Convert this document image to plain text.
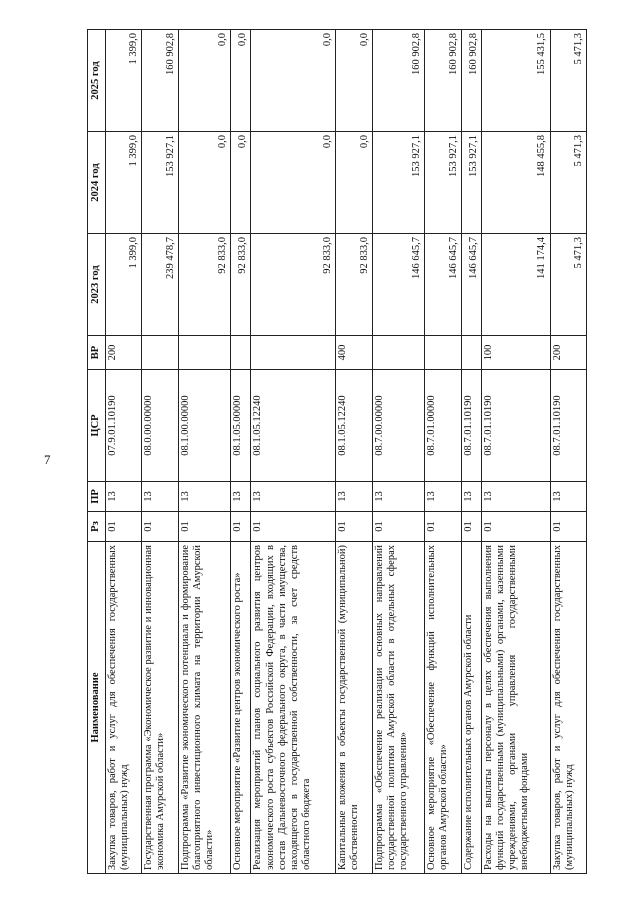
7
Наименование	Рз	ПР	ЦСР	ВР	2023 год	2024 год	2025 год
Закупка товаров, работ и услуг для обеспечения государственных (муниципальных) нужд	01	13	07.9.01.10190	200	1 399,0	1 399,0	1 399,0
Государственная программа «Экономическое развитие и инновационная экономика Амурской области»	01	13	08.0.00.00000		239 478,7	153 927,1	160 902,8
Подпрограмма «Развитие экономического потенциала и формирование благоприятного инвестиционного климата на территории Амурской области»	01	13	08.1.00.00000		92 833,0	0,0	0,0
Основное мероприятие «Развитие центров экономического роста»	01	13	08.1.05.00000		92 833,0	0,0	0,0
Реализация мероприятий планов социального развития центров экономического роста субъектов Российской Федерации, входящих в состав Дальневосточного федерального округа, в части имущества, находящегося в государственной собственности, за счет средств областного бюджета	01	13	08.1.05.12240		92 833,0	0,0	0,0
Капитальные вложения в объекты государственной (муниципальной) собственности	01	13	08.1.05.12240	400	92 833,0	0,0	0,0
Подпрограмма «Обеспечение реализации основных направлений государственной политики Амурской области в отдельных сферах государственного управления»	01	13	08.7.00.00000		146 645,7	153 927,1	160 902,8
Основное мероприятие «Обеспечение функций исполнительных органов Амурской области»	01	13	08.7.01.00000		146 645,7	153 927,1	160 902,8
Содержание исполнительных органов Амурской области	01	13	08.7.01.10190		146 645,7	153 927,1	160 902,8
Расходы на выплаты персоналу в целях обеспечения выполнения функций государственными (муниципальными) органами, казенными учреждениями, органами управления государственными внебюджетными фондами	01	13	08.7.01.10190	100	141 174,4	148 455,8	155 431,5
Закупка товаров, работ и услуг для обеспечения государственных (муниципальных) нужд	01	13	08.7.01.10190	200	5 471,3	5 471,3	5 471,3
